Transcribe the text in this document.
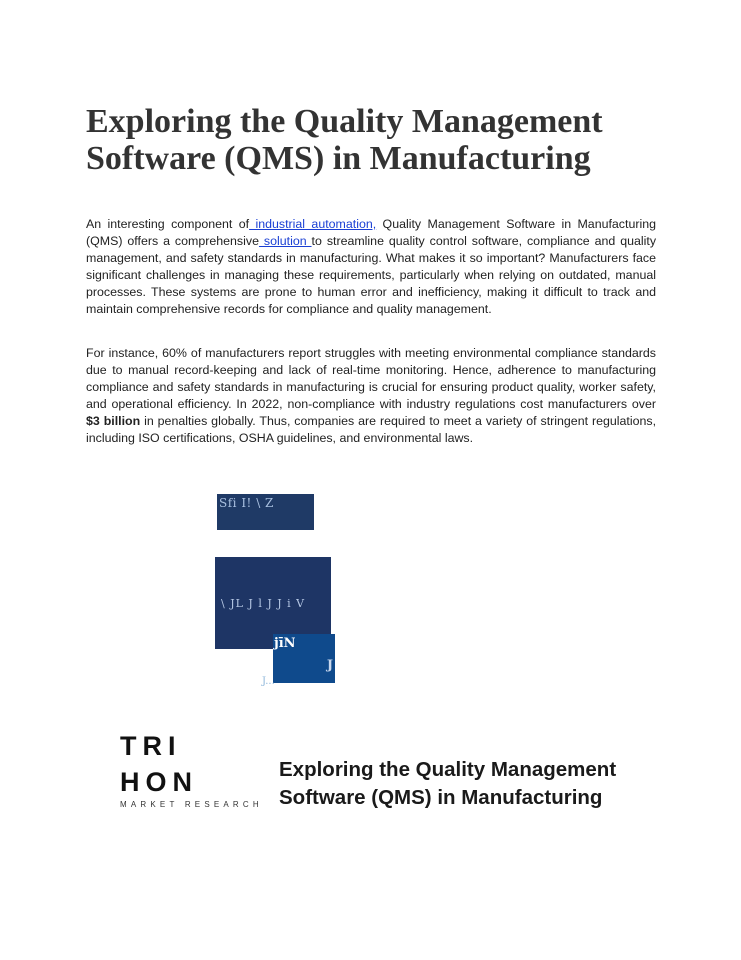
Exploring the Quality Management Software (QMS) in Manufacturing

An interesting component of industrial automation, Quality Management Software in Manufacturing (QMS) offers a comprehensive solution to streamline quality control software, compliance and quality management, and safety standards in manufacturing. What makes it so important? Manufacturers face significant challenges in managing these requirements, particularly when relying on outdated, manual processes. These systems are prone to human error and inefficiency, making it difficult to track and maintain comprehensive records for compliance and quality management.

For instance, 60% of manufacturers report struggles with meeting environmental compliance standards due to manual record-keeping and lack of real-time monitoring. Hence, adherence to manufacturing compliance and safety standards in manufacturing is crucial for ensuring product quality, worker safety, and operational efficiency. In 2022, non-compliance with industry regulations cost manufacturers over $3 billion in penalties globally. Thus, companies are required to meet a variety of stringent regulations, including ISO certifications, OSHA guidelines, and environmental laws.

Sfi I! \ Z
\ JL J l J J i V
jīN
J
J...

TRI

HON

MARKET RESEARCH
Exploring the Quality Management Software (QMS) in Manufacturing
